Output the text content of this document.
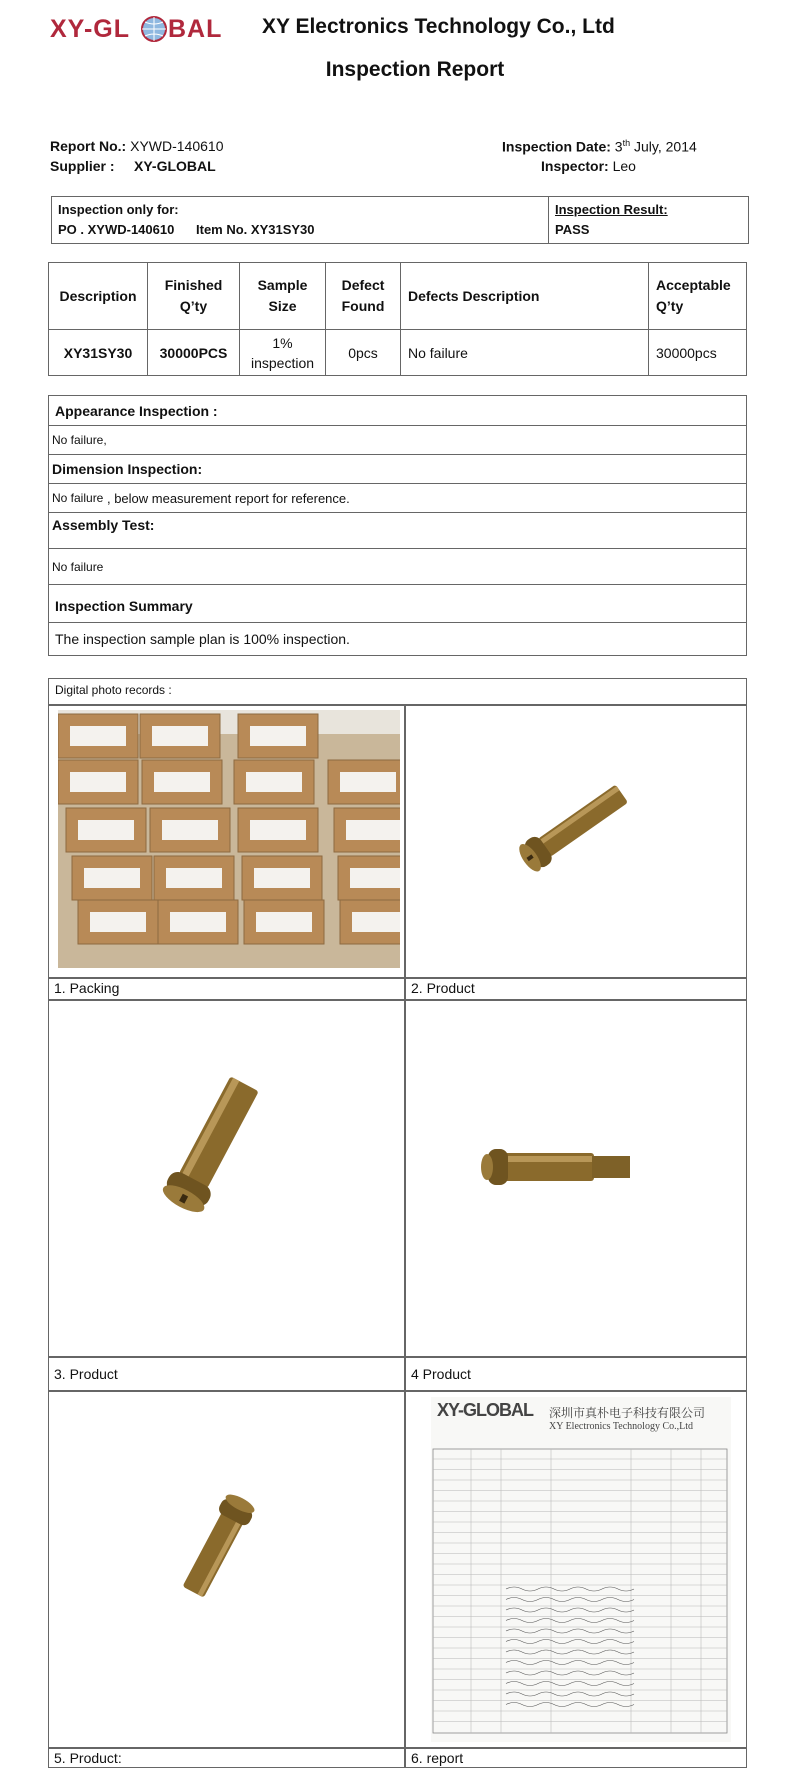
XY-GL BAL XY Electronics Technology Co., Ltd
Inspection Report
Report No.: XYWD-140610
Supplier : XY-GLOBAL
Inspection Date: 3th July, 2014
Inspector: Leo
Inspection only for:
PO . XYWD-140610 Item No. XY31SY30

Inspection Result:
PASS
Description	Finished Q’ty	Sample Size	Defect Found	Defects Description	Acceptable Q’ty
XY31SY30	30000PCS	1% inspection	0pcs	No failure	30000pcs
Appearance Inspection :
No failure,
Dimension Inspection:
No failure , below measurement report for reference.
Assembly Test:
No failure
Inspection Summary
The inspection sample plan is 100% inspection.
Digital photo records :
XY-GLOBAL 深圳市真朴电子科技有限公司
XY Electronics Technology Co.,Ltd
1. Packing	2. Product
3. Product	4 Product
5. Product:	6. report
